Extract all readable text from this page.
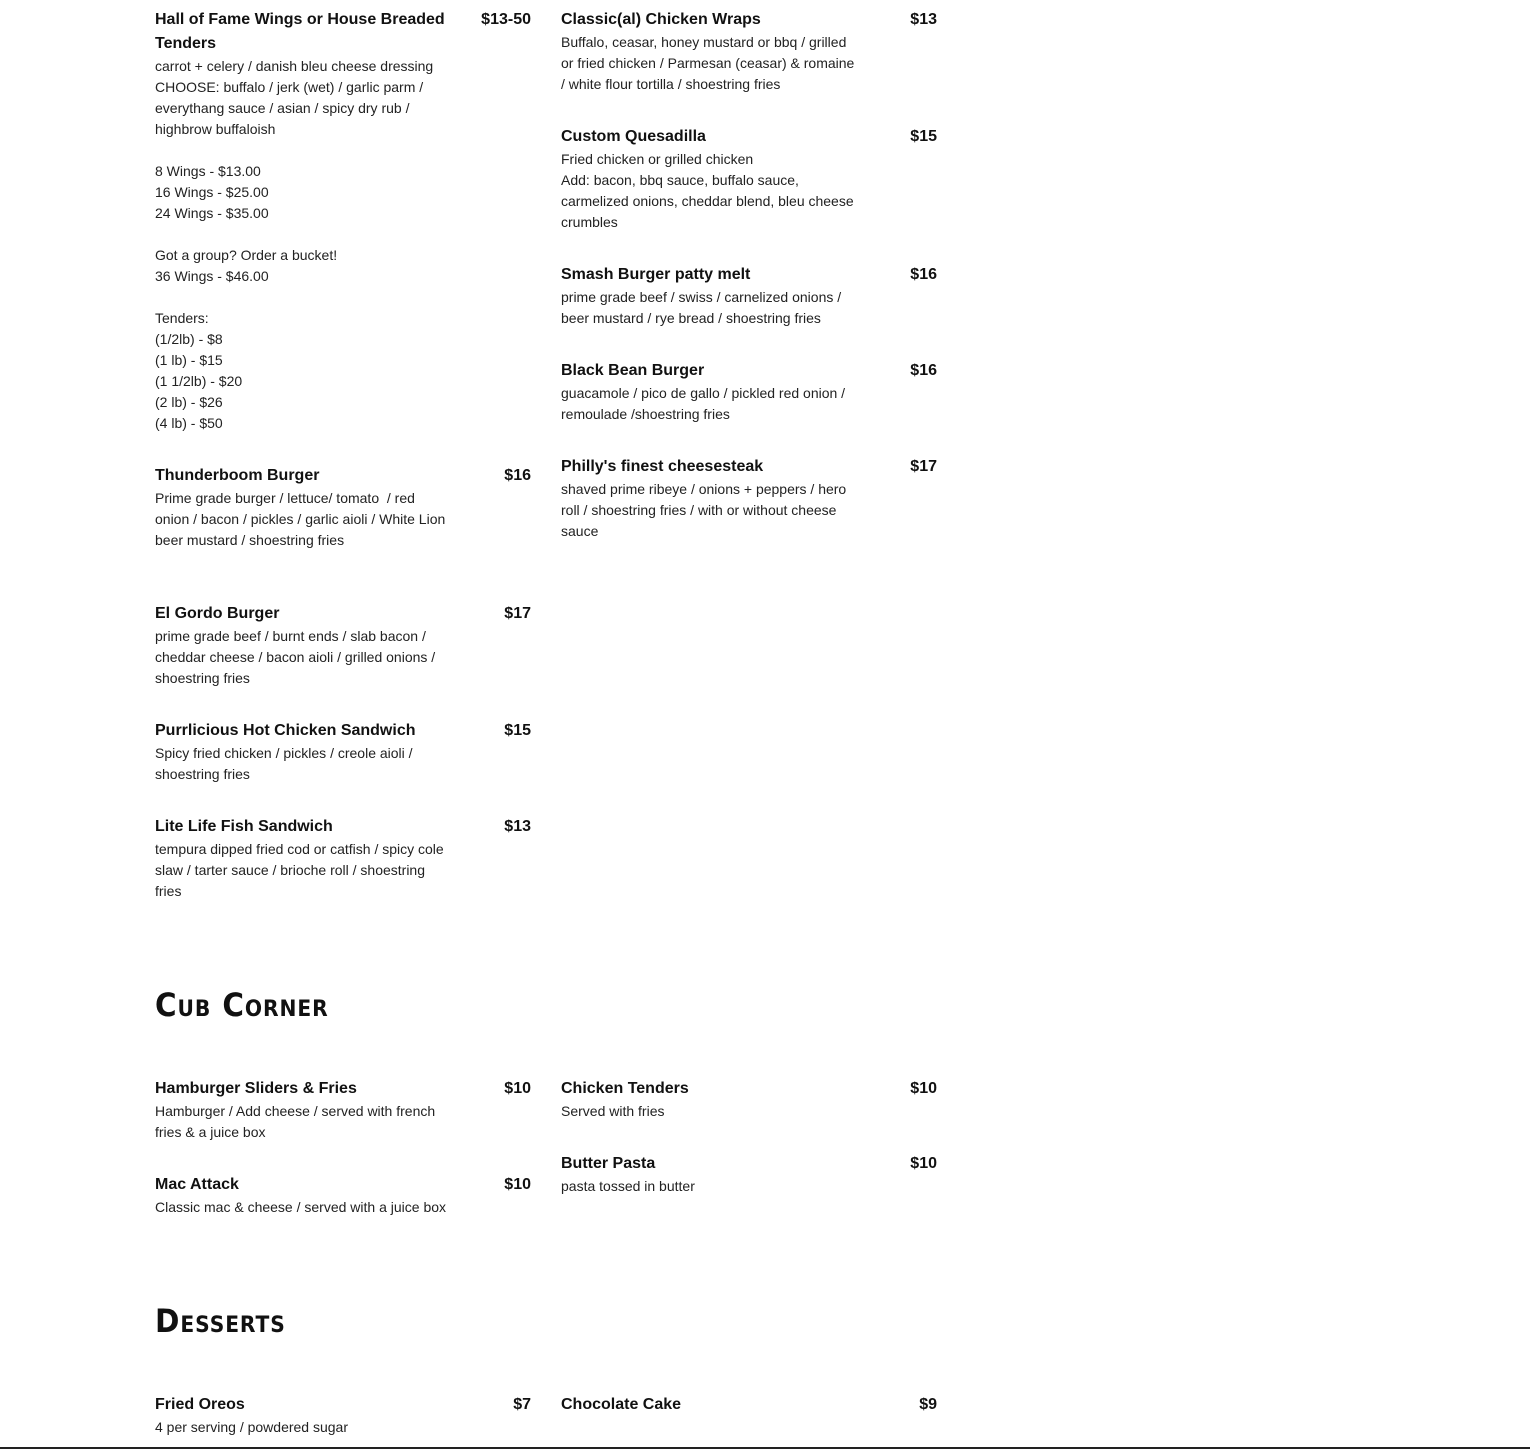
Hall of Fame Wings or House Breaded Tenders
$13-50
carrot + celery / danish bleu cheese dressing
CHOOSE: buffalo / jerk (wet) / garlic parm / everythang sauce / asian / spicy dry rub / highbrow buffaloish
8 Wings - $13.00
16 Wings - $25.00
24 Wings - $35.00
Got a group? Order a bucket!
36 Wings - $46.00
Tenders:
(1/2lb) - $8
(1 lb) - $15
(1 1/2lb) - $20
(2 lb) - $26
(4 lb) - $50
Thunderboom Burger	$16
Prime grade burger / lettuce/ tomato  / red onion / bacon / pickles / garlic aioli / White Lion beer mustard / shoestring fries
El Gordo Burger	$17
prime grade beef / burnt ends / slab bacon / cheddar cheese / bacon aioli / grilled onions / shoestring fries
Purrlicious Hot Chicken Sandwich	$15
Spicy fried chicken / pickles / creole aioli / shoestring fries
Lite Life Fish Sandwich	$13
tempura dipped fried cod or catfish / spicy cole slaw / tarter sauce / brioche roll / shoestring fries
Classic(al) Chicken Wraps	$13
Buffalo, ceasar, honey mustard or bbq / grilled or fried chicken / Parmesan (ceasar) & romaine / white flour tortilla / shoestring fries
Custom Quesadilla	$15
Fried chicken or grilled chicken
Add: bacon, bbq sauce, buffalo sauce, carmelized onions, cheddar blend, bleu cheese crumbles
Smash Burger patty melt	$16
prime grade beef / swiss / carnelized onions / beer mustard / rye bread / shoestring fries
Black Bean Burger	$16
guacamole / pico de gallo / pickled red onion / remoulade /shoestring fries
Philly's finest cheesesteak	$17
shaved prime ribeye / onions + peppers / hero roll / shoestring fries / with or without cheese sauce
Cub Corner
Hamburger Sliders & Fries	$10
Hamburger / Add cheese / served with french fries & a juice box
Mac Attack	$10
Classic mac & cheese / served with a juice box
Chicken Tenders	$10
Served with fries
Butter Pasta	$10
pasta tossed in butter
Desserts
Fried Oreos	$7
4 per serving / powdered sugar
Chocolate Cake	$9
